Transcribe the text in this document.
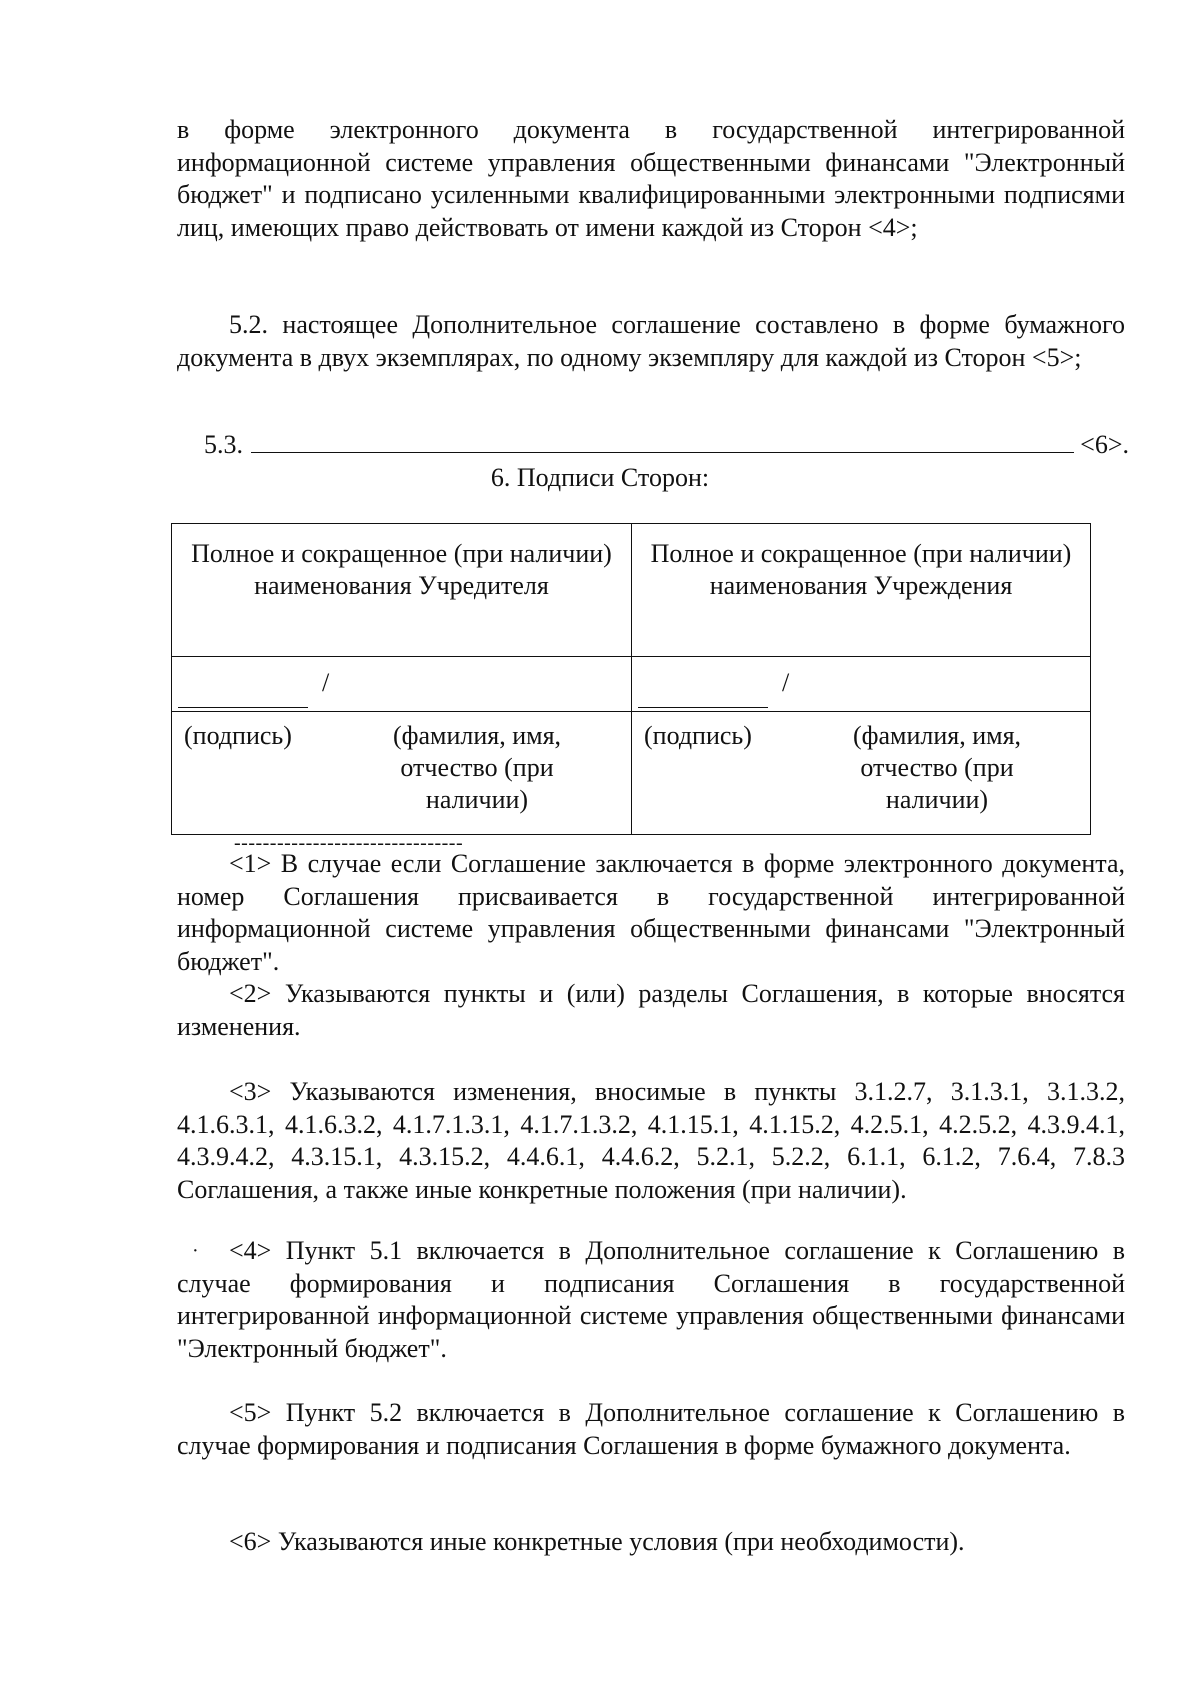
в форме электронного документа в государственной интегрированной информационной системе управления общественными финансами "Электронный бюджет" и подписано усиленными квалифицированными электронными подписями лиц, имеющих право действовать от имени каждой из Сторон <4>;

5.2. настоящее Дополнительное соглашение составлено в форме бумажного документа в двух экземплярах, по одному экземпляру для каждой из Сторон <5>;

5.3.	<6>.
6. Подписи Сторон:
Полное и сокращенное (при наличии) наименования Учредителя	Полное и сокращенное (при наличии) наименования Учреждения

/	/

(подпись) (фамилия, имя, отчество (при наличии)	(подпись) (фамилия, имя, отчество (при наличии)
--------------------------------

<1> В случае если Соглашение заключается в форме электронного документа, номер Соглашения присваивается в государственной интегрированной информационной системе управления общественными финансами "Электронный бюджет".

<2> Указываются пункты и (или) разделы Соглашения, в которые вносятся изменения.

<3> Указываются изменения, вносимые в пункты 3.1.2.7, 3.1.3.1, 3.1.3.2, 4.1.6.3.1, 4.1.6.3.2, 4.1.7.1.3.1, 4.1.7.1.3.2, 4.1.15.1, 4.1.15.2, 4.2.5.1, 4.2.5.2, 4.3.9.4.1, 4.3.9.4.2, 4.3.15.1, 4.3.15.2, 4.4.6.1, 4.4.6.2, 5.2.1, 5.2.2, 6.1.1, 6.1.2, 7.6.4, 7.8.3 Соглашения, а также иные конкретные положения (при наличии).

·	<4> Пункт 5.1 включается в Дополнительное соглашение к Соглашению в случае формирования и подписания Соглашения в государственной интегрированной информационной системе управления общественными финансами "Электронный бюджет".

<5> Пункт 5.2 включается в Дополнительное соглашение к Соглашению в случае формирования и подписания Соглашения в форме бумажного документа.

<6> Указываются иные конкретные условия (при необходимости).
